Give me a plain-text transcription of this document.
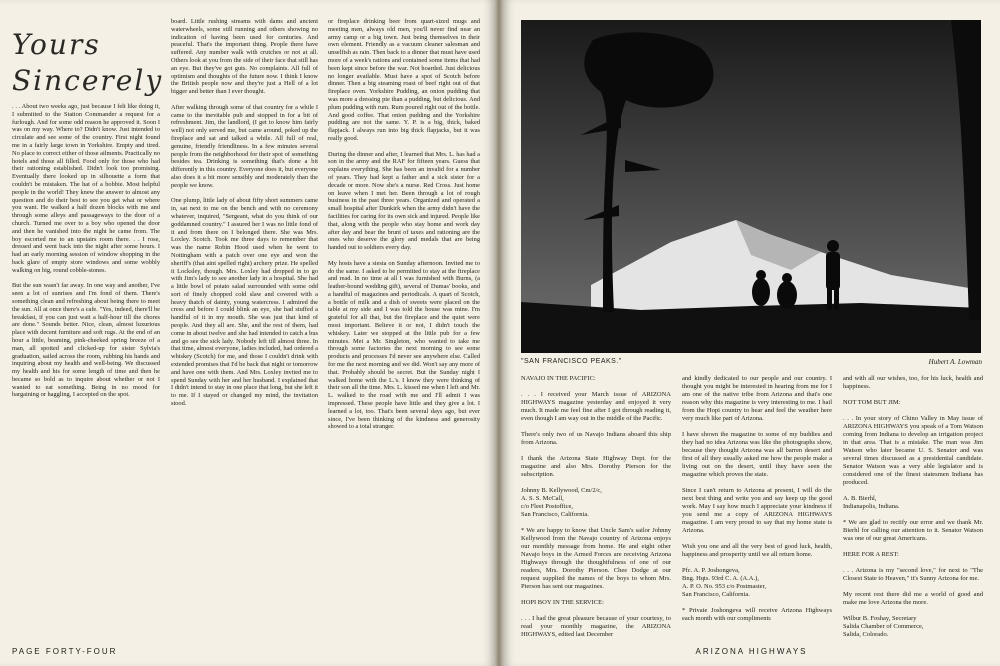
Yours
Sincerely
. . . About two weeks ago, just because I felt like doing it, I submitted to the Station Commander a request for a furlough. And for some odd reason he approved it. Soon I was on my way. Where to? Didn't know. Just intended to circulate and see some of the country. First night found me in a fairly large town in Yorkshire. Empty and tired. No place to correct either of those ailments. Practically no hotels and those all filled. Food only for those who had their rationing established. Didn't look too promising. Eventually there looked up in silhouette a form that couldn't be mistaken. The hat of a bobbie. Most helpful people in the world! They knew the answer to almost any question and do their best to see you get what or where you want. He walked a half dozen blocks with me and through some alleys and passageways to the door of a church. Turned me over to a boy who opened the door and then he vanished into the night he came from. The boy escorted me to an upstairs room there. . . I rose, dressed and went back into the night after some hours. I had an early morning session of window shopping in the back glare of empty store windows and some wobbly walking on big, round cobble-stones.

But the sun wasn't far away. In one way and another, I've seen a lot of sunrises and I'm fond of them. There's something clean and refreshing about being there to meet the sun. All at once there's a cafe. "Yes, indeed, there'll be breakfast, if you can just wait a half-hour till the chores are done." Sounds better. Nice, clean, almost luxurious place with decent furniture and soft rugs. At the end of an hour a little, beaming, pink-cheeked spring breeze of a man, all spotted and clicked-up for sister Sylvia's graduation, sailed across the room, rubbing his hands and inquiring about my health and well-being. We discussed my health and his for some length of time and then he became so bold as to inquire about whether or not I wanted to eat something. Being in no mood for bargaining or haggling, I accepted on the spot.
board. Little rushing streams with dams and ancient waterwheels, some still running and others showing no indication of having been used for centuries. And peaceful. That's the important thing. People there have suffered. Any number walk with crutches or not at all. Others look at you from the side of their face that still has an eye. But they've got guts. No complaints. All full of optimism and thoughts of the future now. I think I know the British people now and they're just a Hell of a lot bigger and better than I ever thought.

After walking through some of that country for a while I came to the inevitable pub and stopped in for a bit of refreshment. Jim, the landlord, (I get to know him fairly well) not only served me, but came around, poked up the fireplace and sat and talked a while. All full of real, genuine, friendly friendliness. In a few minutes several people from the neighborhood for their spot of something besides tea. Drinking is something that's done a bit differently in this country. Everyone does it, but everyone also does it a bit more sensibly and moderately than the people we know.

One plump, little lady of about fifty short summers came in, sat next to me on the bench and with no ceremony whatever, inquired, "Sergeant, what do you think of our goddamned country." I assured her I was no little fond of it and from there on I belonged there. She was Mrs. Loxley. Scotch. Took me three days to remember that was the name Robin Hood used when he went to Nottingham with a patch over one eye and won the sheriff's (that aint spelled right) archery prize. He spelled it Locksley, though. Mrs. Loxley had dropped in to go with Jim's lady to see another lady in a hospital. She had a little bowl of potato salad surrounded with some odd sort of finely chopped cold slaw and covered with a heavy thatch of dainty, young watercress. I admired the cress and before I could blink an eye, she had stuffed a handful of it in my mouth. She was just that kind of people. And they all are. She, and the rest of them, had come in about twelve and she had intended to catch a bus and go see the sick lady. Nobody left till almost three. In that time, almost everyone, ladies included, had ordered a whiskey (Scotch) for me, and those I couldn't drink with extended promises that I'd be back that night or tomorrow and have one with them. And Mrs. Loxley invited me to spend Sunday with her and her husband. I explained that I didn't intend to stay in one place that long, but she left it to me. If I stayed or changed my mind, the invitation stood.
or fireplace drinking beer from quart-sized mugs and meeting men, always old men, you'll never find near an army camp or a big town. Just being themselves in their own element. Friendly as a vacuum cleaner salesman and unselfish as rain. Then back to a dinner that must have used more of a week's rations and contained some items that had been kept since before the war. Not hoarded. Just delicious no longer available. Must have a spot of Scotch before dinner. Then a big steaming roast of beef right out of that fireplace oven. Yorkshire Pudding, an onion pudding that was more a dressing pie than a pudding, but delicious. And plum pudding with rum. Rum poured right out of the bottle. And good coffee. That onion pudding and the Yorkshire pudding are not the same. Y. P. is a big, thick, baked flapjack. I always run into big thick flapjacks, but it was really good.

During the dinner and after, I learned that Mrs. L. has had a son in the army and the RAF for fifteen years. Guess that explains everything. She has been an invalid for a number of years. They had kept a father and a sick sister for a decade or more. Now she's a nurse. Red Cross. Just home on leave when I met her. Been through a lot of rough business in the past three years. Organized and operated a small hospital after Dunkirk when the army didn't have the facilities for caring for its own sick and injured. People like that, along with the people who stay home and work day after day and bear the brunt of taxes and rationing are the ones who deserve the glory and medals that are being handed out to soldiers every day.

My hosts have a siesta on Sunday afternoon. Invited me to do the same. I asked to be permitted to stay at the fireplace and read. In no time at all I was furnished with Burns, (a leather-bound wedding gift), several of Dumas' books, and a handful of magazines and periodicals. A quart of Scotch, a bottle of milk and a dish of sweets were placed on the table at my side and I was told the house was mine. I'm grateful for all that, but the fireplace and the quiet were most important. Believe it or not, I didn't touch the whiskey. Later we stopped at the little pub for a few minutes. Met a Mr. Singleton, who wanted to take me through some factories the next morning to see some products and processes I'd never see anywhere else. Called for me the next morning and we did. Won't say any more of that. Probably should be secret. But the Sunday night I walked home with the L.'s. I know they were thinking of their son all the time. Mrs. L. kissed me when I left and Mr. L. walked to the road with me and I'll admit I was impressed. These people have little and they give a lot. I learned a lot, too. That's been several days ago, but ever since, I've been thinking of the kindness and generosity showed to a total stranger.
PAGE FORTY-FOUR
"SAN FRANCISCO PEAKS."	Hubert A. Lowman
NAVAJO IN THE PACIFIC:

. . . I received your March issue of ARIZONA HIGHWAYS magazine yesterday and enjoyed it very much. It made me feel fine after I got through reading it, even though I am way out in the middle of the Pacific.

There's only two of us Navajo Indians aboard this ship from Arizona.

I thank the Arizona State Highway Dept. for the magazine and also Mrs. Dorothy Pierson for the subscription.

Johnny B. Kellywood, Cm/2/c,
A. S. S. McCall,
c/o Fleet Postoffice,
San Francisco, California.

* We are happy to know that Uncle Sam's sailor Johnny Kellywood from the Navajo country of Arizona enjoys our monthly message from home. He and eight other Navajo boys in the Armed Forces are receiving Arizona Highways through the thoughtfulness of one of our readers, Mrs. Dorothy Pierson. Chee Dodge at our request supplied the names of the boys to whom Mrs. Pierson has sent our magazines.

HOPI BOY IN THE SERVICE:

. . . I had the great pleasure because of your courtesy, to read your monthly magazine, the ARIZONA HIGHWAYS, edited last December
and kindly dedicated to our people and our country. I thought you might be interested in hearing from me for I am one of the native tribe from Arizona and that's one reason why this magazine is very interesting to me. I hail from the Hopi country to hear and feel the weather here very much like part of Arizona.

I have shown the magazine to some of my buddies and they had no idea Arizona was like the photographs show, because they thought Arizona was all barren desert and first of all they usually asked me how the people make a living out on the desert, until they have seen the magazine which proves the state.

Since I can't return to Arizona at present, I will do the next best thing and write you and say keep up the good work. May I say how much I appreciate your kindness if you send me a copy of ARIZONA HIGHWAYS magazine. I am very proud to say that my home state is Arizona.

Wish you one and all the very best of good luck, health, happiness and prosperity until we all return home.

Pfc. A. P. Joshongeva,
Bng. Hqts. 93rd C. A. (A.A.),
A. P. O. No. 953 c/o Postmaster,
San Francisco, California.

* Private Joshongeva will receive Arizona Highways each month with our compliments
and with all our wishes, too, for his luck, health and happiness.

NOT TOM BUT JIM:

. . . In your story of Chino Valley in May issue of ARIZONA HIGHWAYS you speak of a Tom Watson coming from Indiana to develop an irrigation project in that area. That is a mistake. The man was Jim Watson who later became U. S. Senator and was several times discussed as a presidential candidate. Senator Watson was a very able legislator and is considered one of the finest statesmen Indiana has produced.

A. B. Bierhl,
Indianapolis, Indiana.

* We are glad to rectify our error and we thank Mr. Bierhl for calling our attention to it. Senator Watson was one of our great Americans.

HERE FOR A REST:

. . . Arizona is my "second love," for next to "The Closest State to Heaven," it's Sunny Arizona for me.

My recent rest there did me a world of good and make me love Arizona the more.

Wilbur B. Foshay, Secretary
Salida Chamber of Commerce,
Salida, Colorado.
ARIZONA HIGHWAYS
